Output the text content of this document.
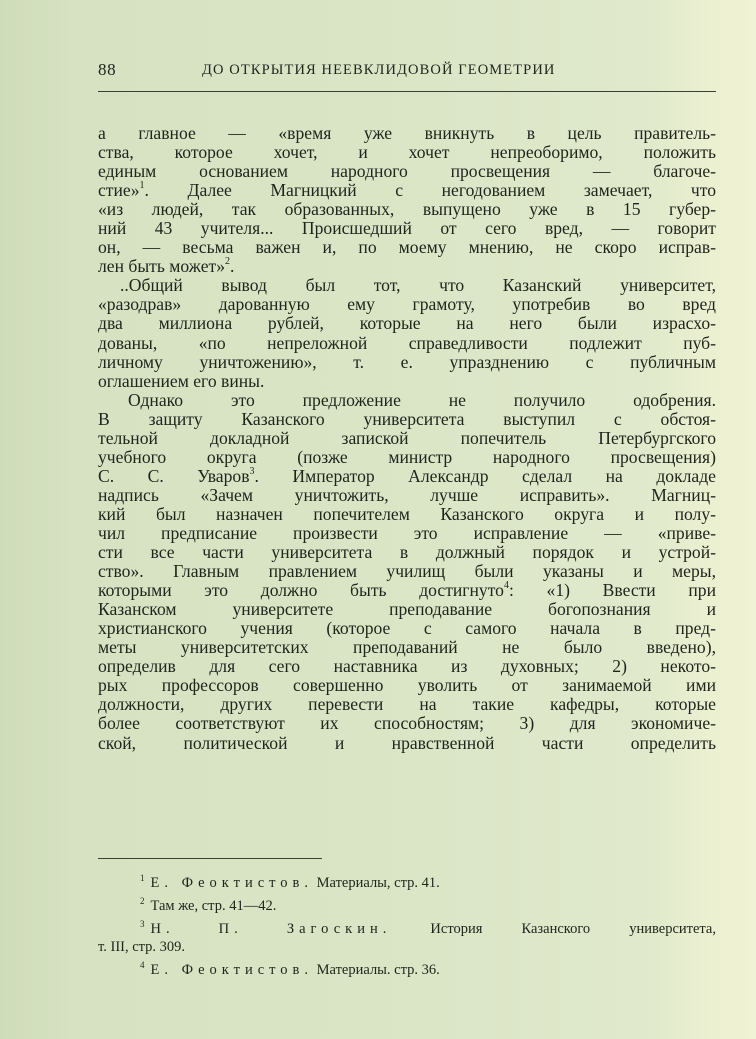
88	ДО ОТКРЫТИЯ НЕЕВКЛИДОВОЙ ГЕОМЕТРИИ
а главное — «время уже вникнуть в цель правитель-
ства, которое хочет, и хочет непреоборимо, положить
единым основанием народного просвещения — благоче-
стие»$^1$. Далее Магницкий с негодованием замечает, что
«из людей, так образованных, выпущено уже в 15 губер-
ний 43 учителя... Происшедший от сего вред, — говорит
он, — весьма важен и, по моему мнению, не скоро исправ-
лен быть может»$^2$.
..Общий вывод был тот, что Казанский университет,
«разодрав» дарованную ему грамоту, употребив во вред
два миллиона рублей, которые на него были израсхо-
дованы, «по непреложной справедливости подлежит пуб-
личному уничтожению», т. е. упразднению с публичным
оглашением его вины.
Однако это предложение не получило одобрения.
В защиту Казанского университета выступил с обстоя-
тельной докладной запиской попечитель Петербургского
учебного округа (позже министр народного просвещения)
С. С. Уваров$^3$. Император Александр сделал на докладе
надпись «Зачем уничтожить, лучше исправить». Магниц-
кий был назначен попечителем Казанского округа и полу-
чил предписание произвести это исправление — «приве-
сти все части университета в должный порядок и устрой-
ство». Главным правлением училищ были указаны и меры,
которыми это должно быть достигнуто$^4$: «1) Ввести при
Казанском университете преподавание богопознания и
христианского учения (которое с самого начала в пред-
меты университетских преподаваний не было введено),
определив для сего наставника из духовных; 2) некото-
рых профессоров совершенно уволить от занимаемой ими
должности, других перевести на такие кафедры, которые
более соответствуют их способностям; 3) для экономиче-
ской, политической и нравственной части определить
$^1$ Е. Феоктистов. Материалы, стр. 41.
$^2$ Там же, стр. 41—42.
$^3$ Н. П. Загоскин. История Казанского университета,
т. III, стр. 309.
$^4$ Е. Феоктистов. Материалы. стр. 36.
